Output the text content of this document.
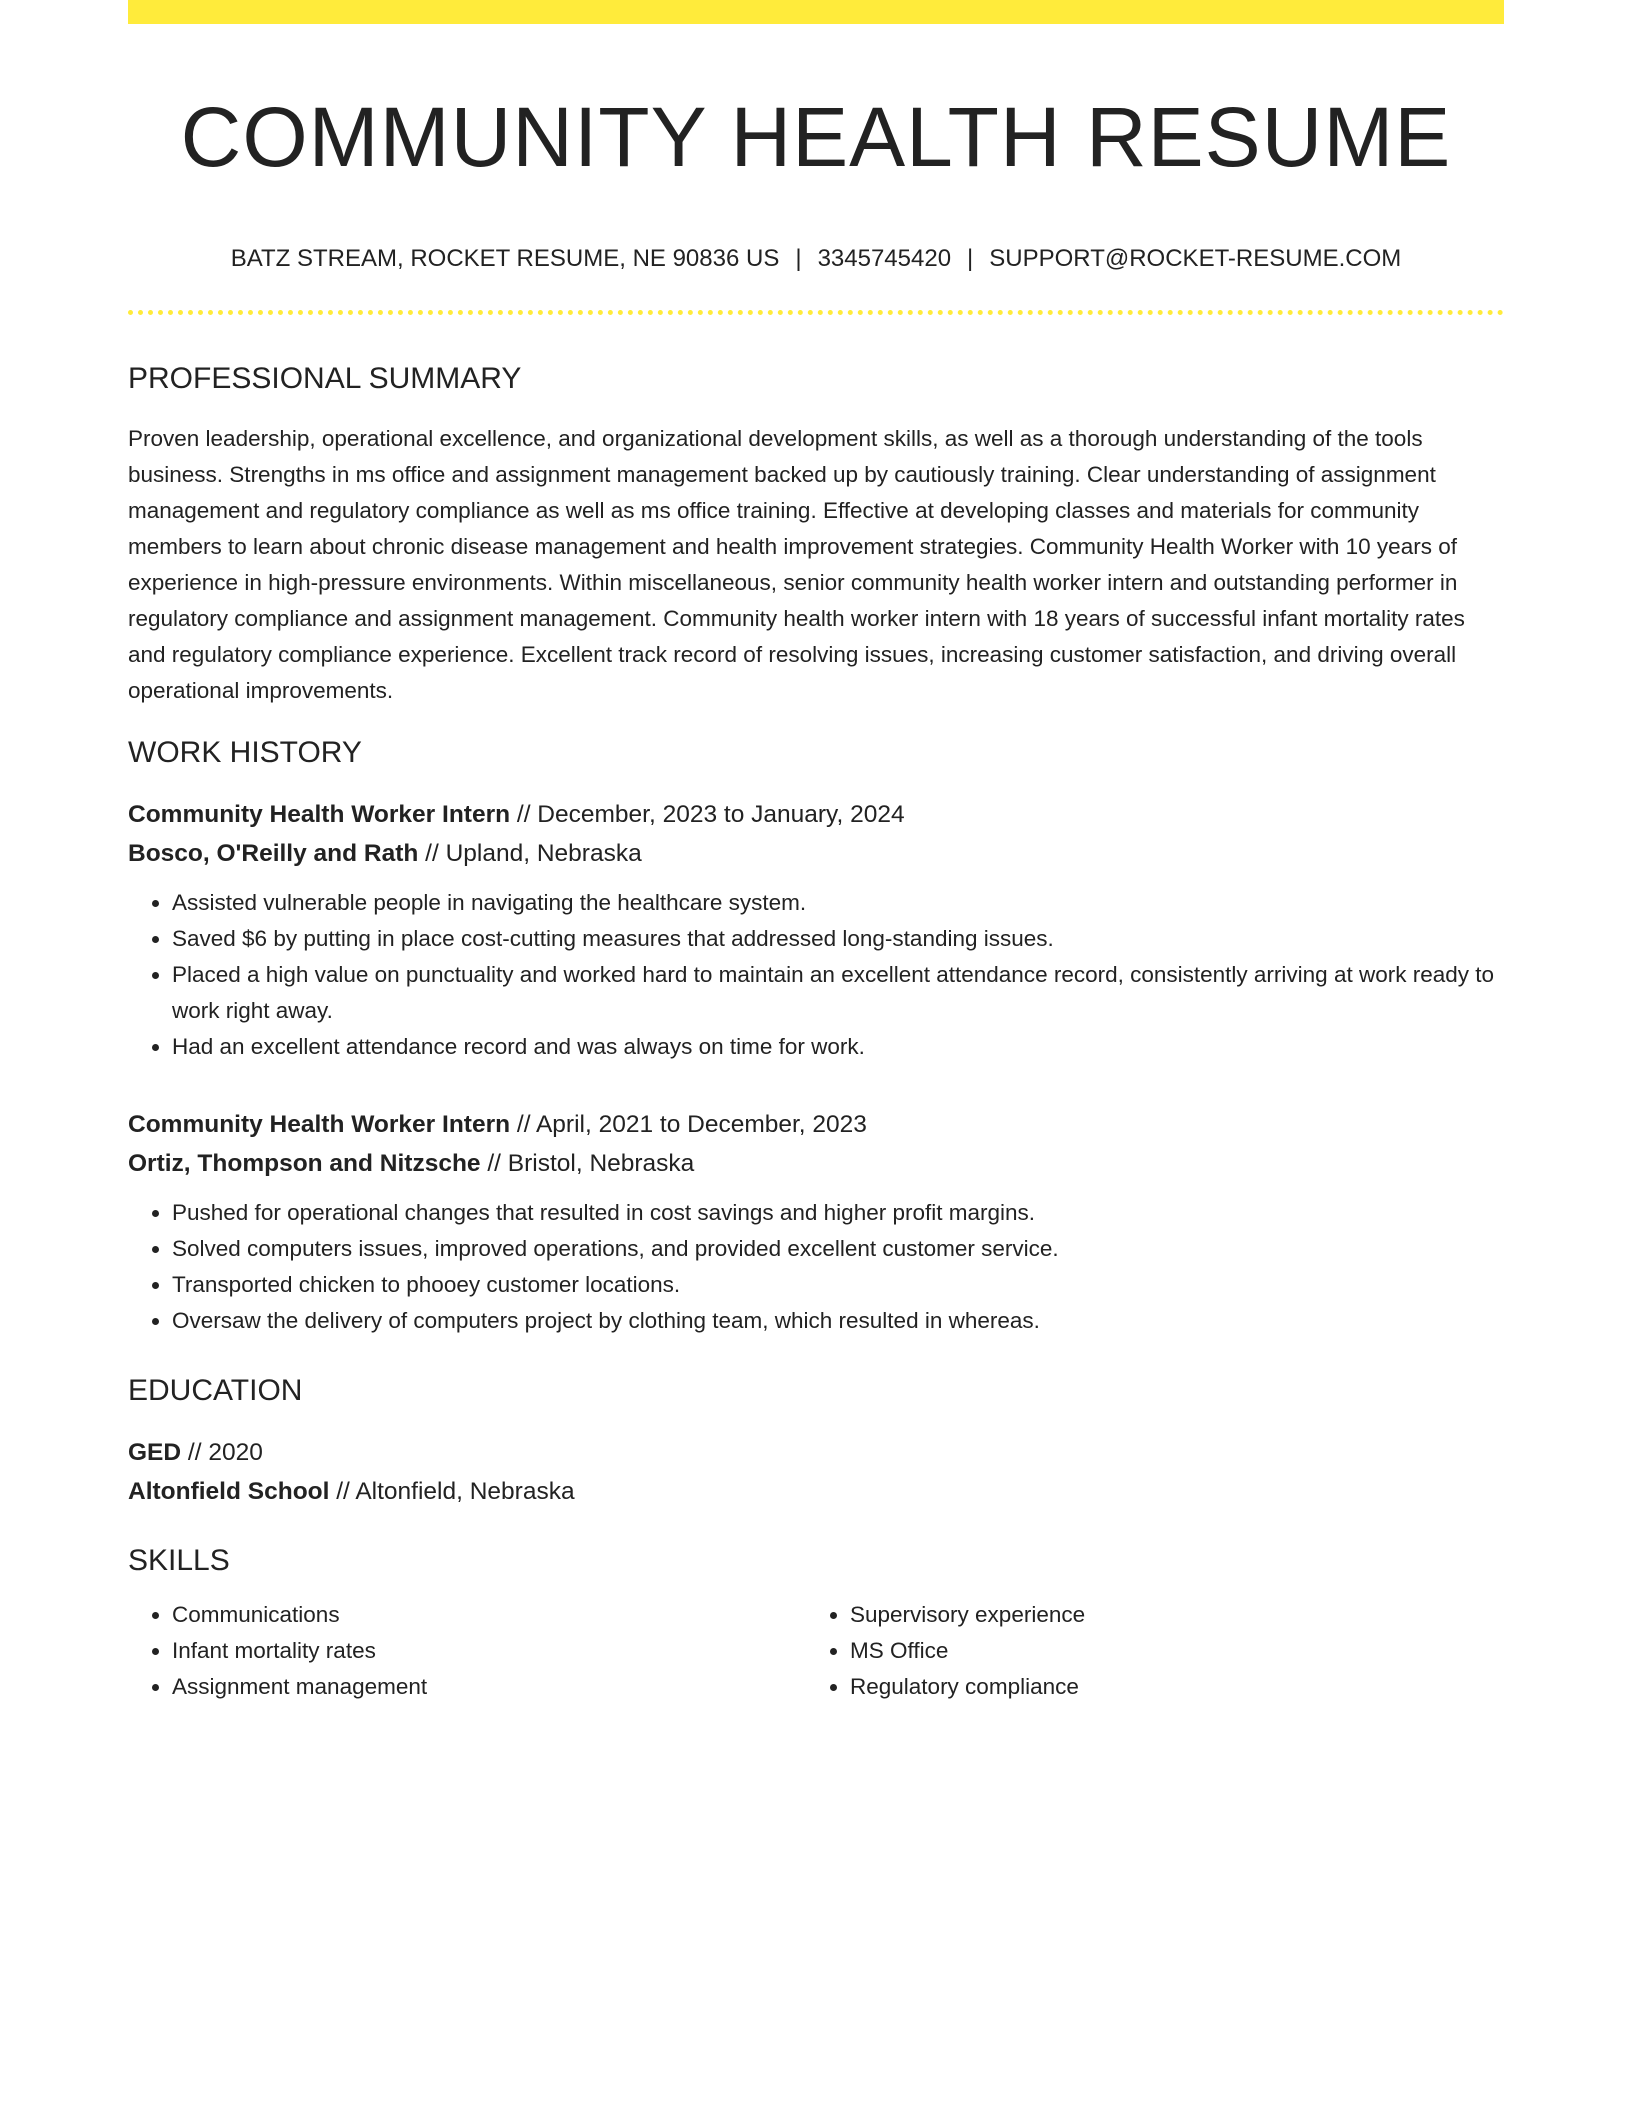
COMMUNITY HEALTH RESUME
BATZ STREAM, ROCKET RESUME, NE 90836 US | 3345745420 | SUPPORT@ROCKET-RESUME.COM
PROFESSIONAL SUMMARY
Proven leadership, operational excellence, and organizational development skills, as well as a thorough understanding of the tools business. Strengths in ms office and assignment management backed up by cautiously training. Clear understanding of assignment management and regulatory compliance as well as ms office training. Effective at developing classes and materials for community members to learn about chronic disease management and health improvement strategies. Community Health Worker with 10 years of experience in high-pressure environments. Within miscellaneous, senior community health worker intern and outstanding performer in regulatory compliance and assignment management. Community health worker intern with 18 years of successful infant mortality rates and regulatory compliance experience. Excellent track record of resolving issues, increasing customer satisfaction, and driving overall operational improvements.
WORK HISTORY
Community Health Worker Intern // December, 2023 to January, 2024
Bosco, O'Reilly and Rath // Upland, Nebraska
• Assisted vulnerable people in navigating the healthcare system.
• Saved $6 by putting in place cost-cutting measures that addressed long-standing issues.
• Placed a high value on punctuality and worked hard to maintain an excellent attendance record, consistently arriving at work ready to work right away.
• Had an excellent attendance record and was always on time for work.
Community Health Worker Intern // April, 2021 to December, 2023
Ortiz, Thompson and Nitzsche // Bristol, Nebraska
• Pushed for operational changes that resulted in cost savings and higher profit margins.
• Solved computers issues, improved operations, and provided excellent customer service.
• Transported chicken to phooey customer locations.
• Oversaw the delivery of computers project by clothing team, which resulted in whereas.
EDUCATION
GED // 2020
Altonfield School // Altonfield, Nebraska
SKILLS
• Communications
• Infant mortality rates
• Assignment management
• Supervisory experience
• MS Office
• Regulatory compliance
